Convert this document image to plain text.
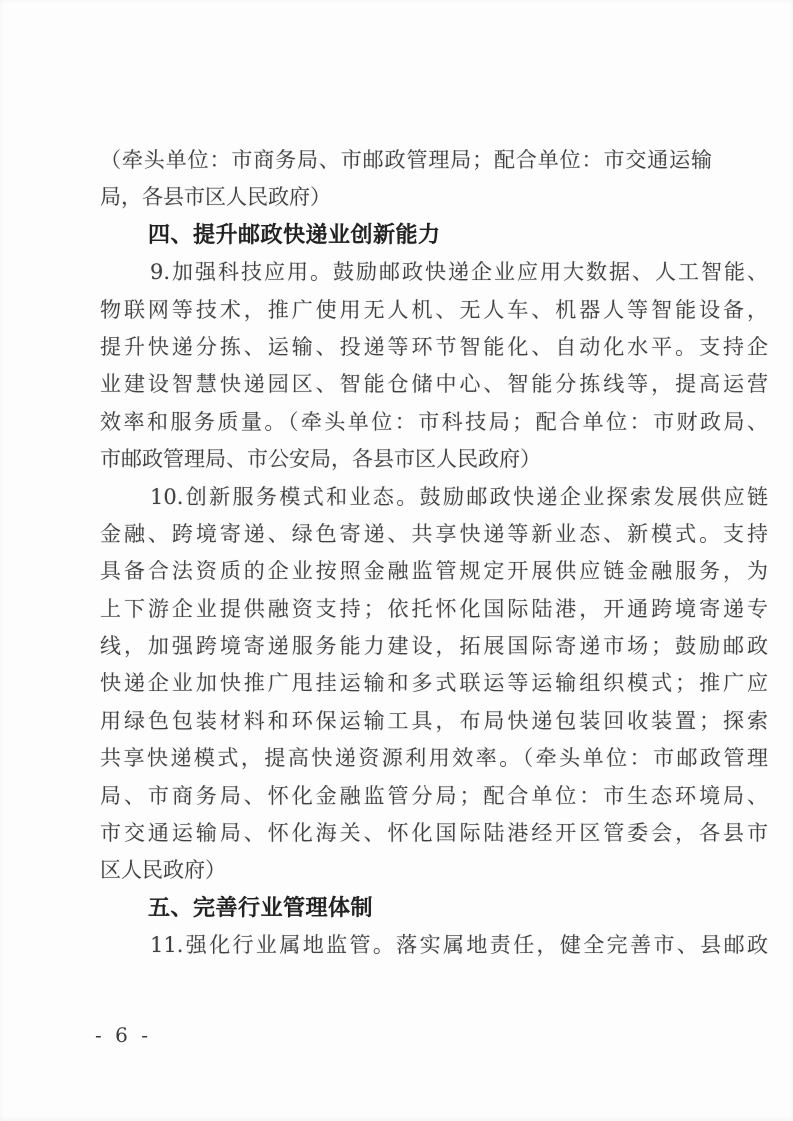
（牵头单位：市商务局、市邮政管理局；配合单位：市交通运输
局，各县市区人民政府）
四、提升邮政快递业创新能力
9.加强科技应用。鼓励邮政快递企业应用大数据、人工智能、
物联网等技术，推广使用无人机、无人车、机器人等智能设备，
提升快递分拣、运输、投递等环节智能化、自动化水平。支持企
业建设智慧快递园区、智能仓储中心、智能分拣线等，提高运营
效率和服务质量。（牵头单位：市科技局；配合单位：市财政局、
市邮政管理局、市公安局，各县市区人民政府）
10.创新服务模式和业态。鼓励邮政快递企业探索发展供应链
金融、跨境寄递、绿色寄递、共享快递等新业态、新模式。支持
具备合法资质的企业按照金融监管规定开展供应链金融服务，为
上下游企业提供融资支持；依托怀化国际陆港，开通跨境寄递专
线，加强跨境寄递服务能力建设，拓展国际寄递市场；鼓励邮政
快递企业加快推广甩挂运输和多式联运等运输组织模式；推广应
用绿色包装材料和环保运输工具，布局快递包装回收装置；探索
共享快递模式，提高快递资源利用效率。（牵头单位：市邮政管理
局、市商务局、怀化金融监管分局；配合单位：市生态环境局、
市交通运输局、怀化海关、怀化国际陆港经开区管委会，各县市
区人民政府）
五、完善行业管理体制
11.强化行业属地监管。落实属地责任，健全完善市、县邮政
- 6 -
